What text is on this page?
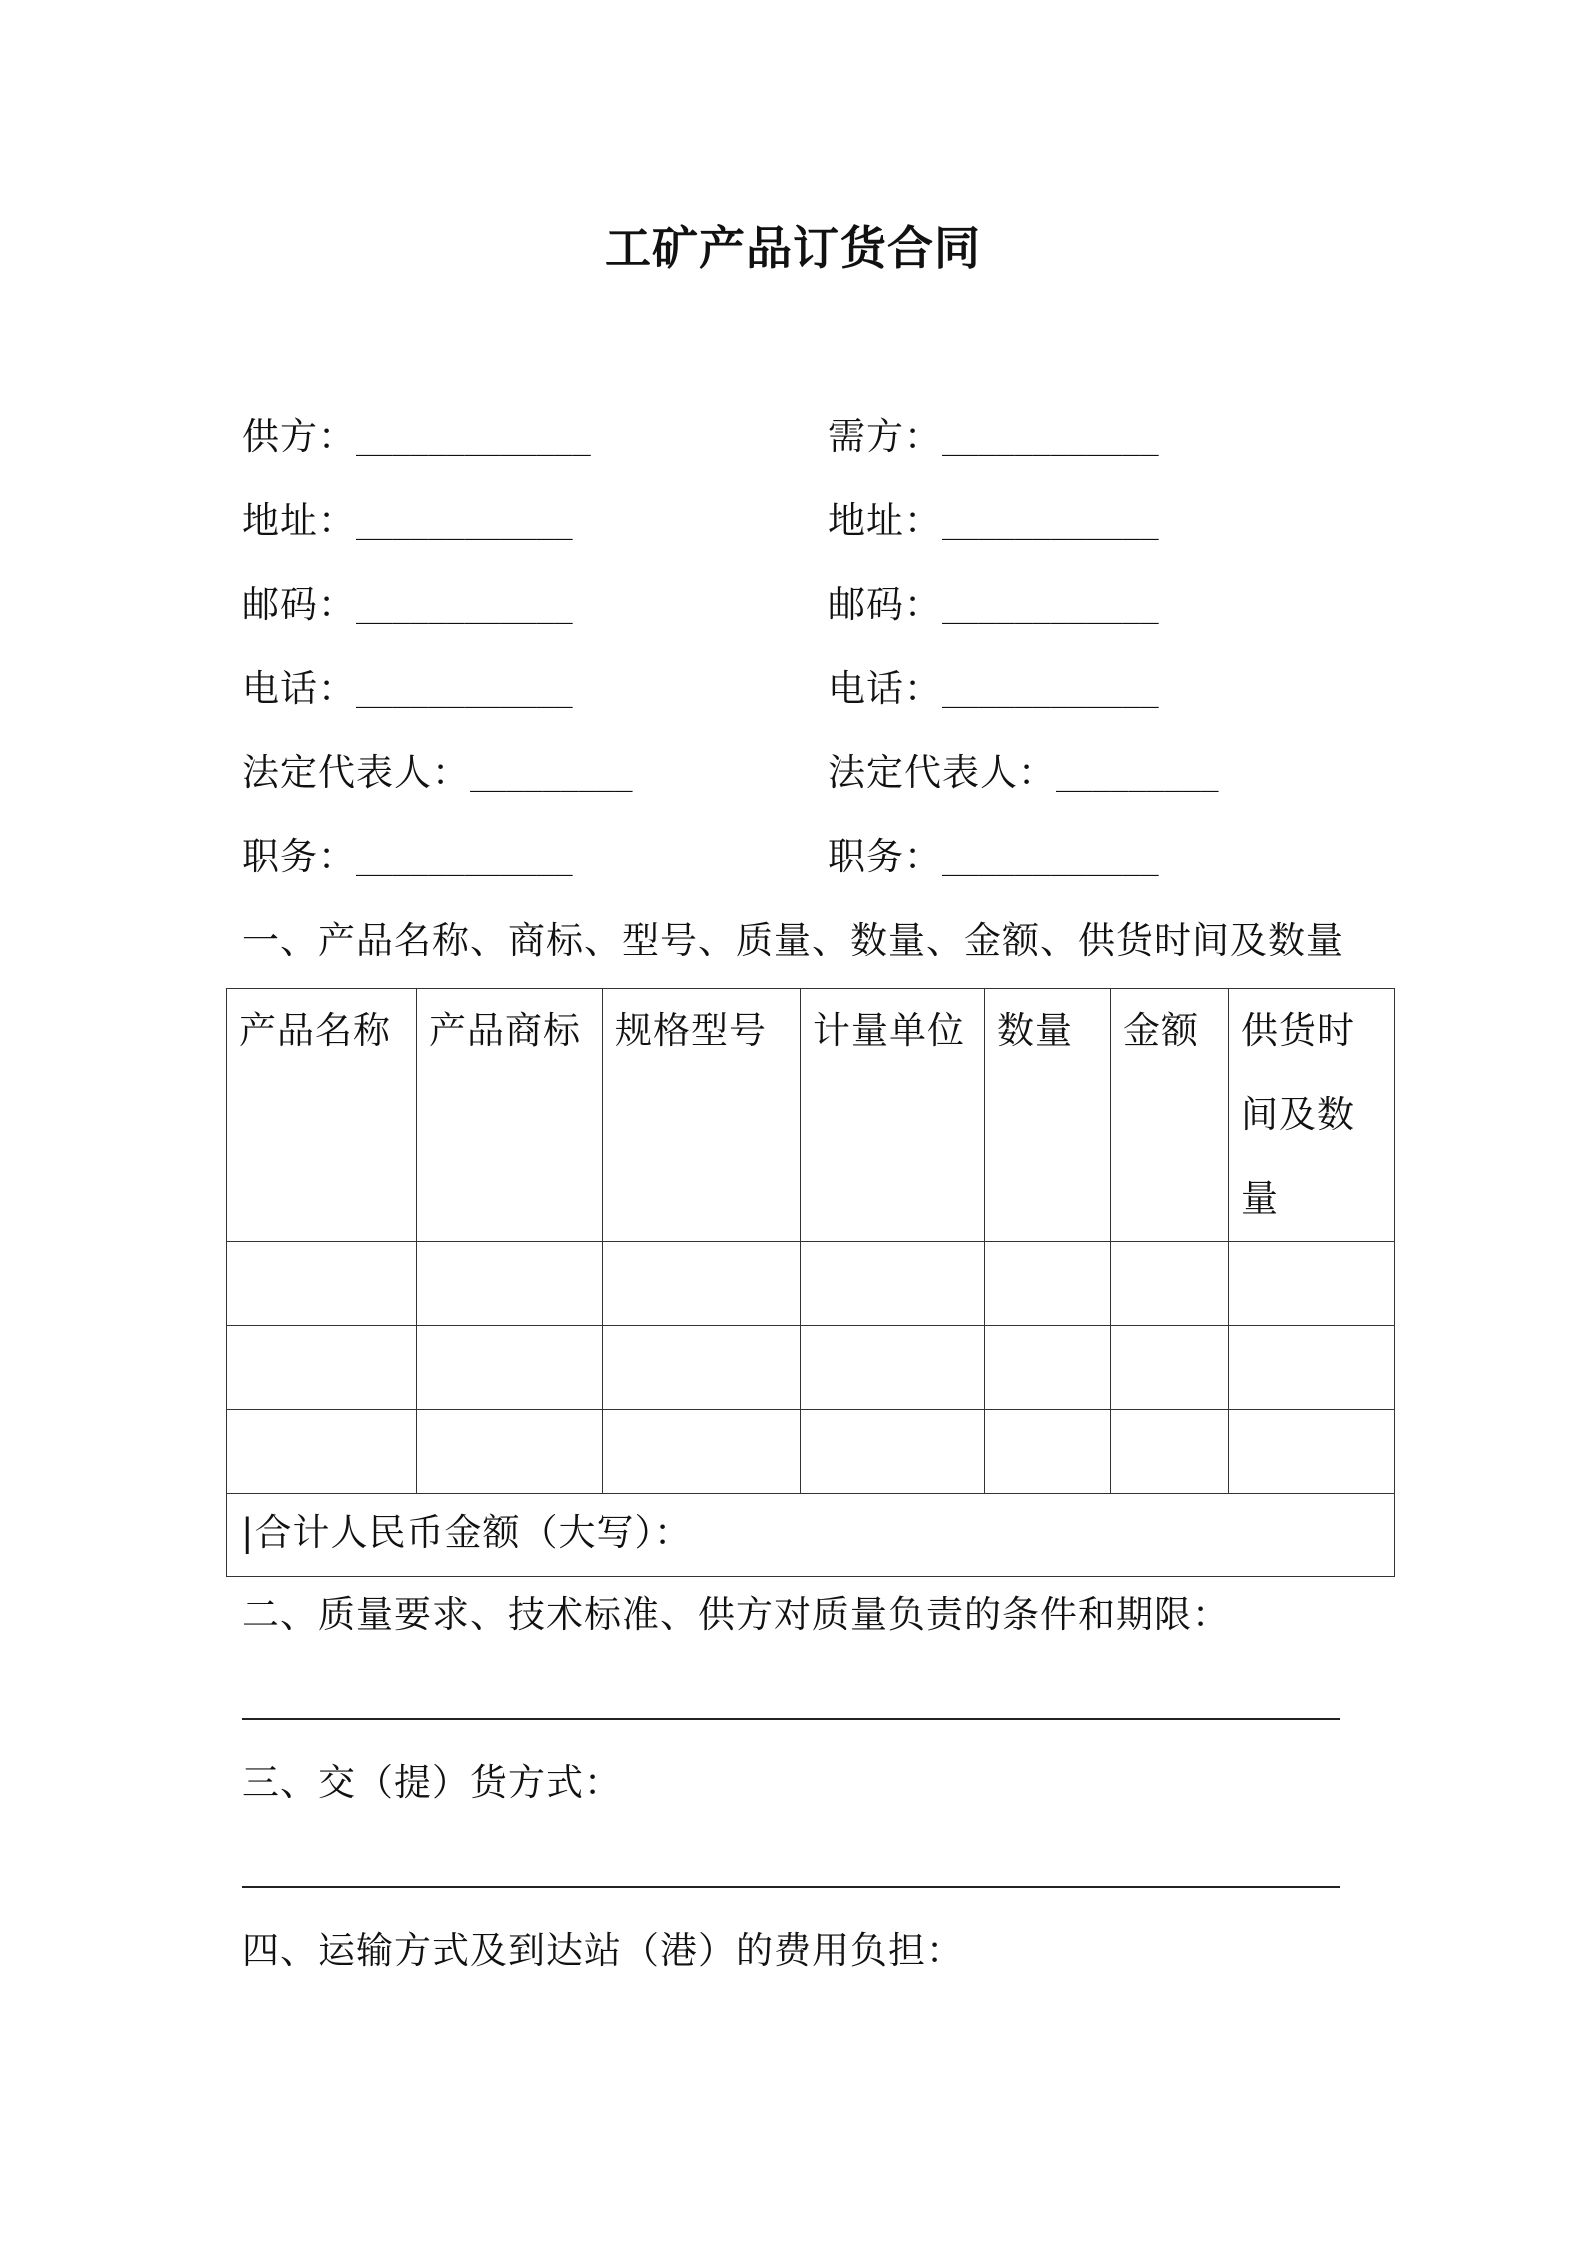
工矿产品订货合同
供方：_____________
地址：____________
邮码：____________
电话：____________
法定代表人：_________
职务：____________
需方：____________
地址：____________
邮码：____________
电话：____________
法定代表人：_________
职务：____________
一、产品名称、商标、型号、质量、数量、金额、供货时间及数量
产品名称	产品商标	规格型号	计量单位	数量	金额	供货时间及数量

|合计人民币金额（大写）：						
二、质量要求、技术标准、供方对质量负责的条件和期限：
三、交（提）货方式：
四、运输方式及到达站（港）的费用负担：
